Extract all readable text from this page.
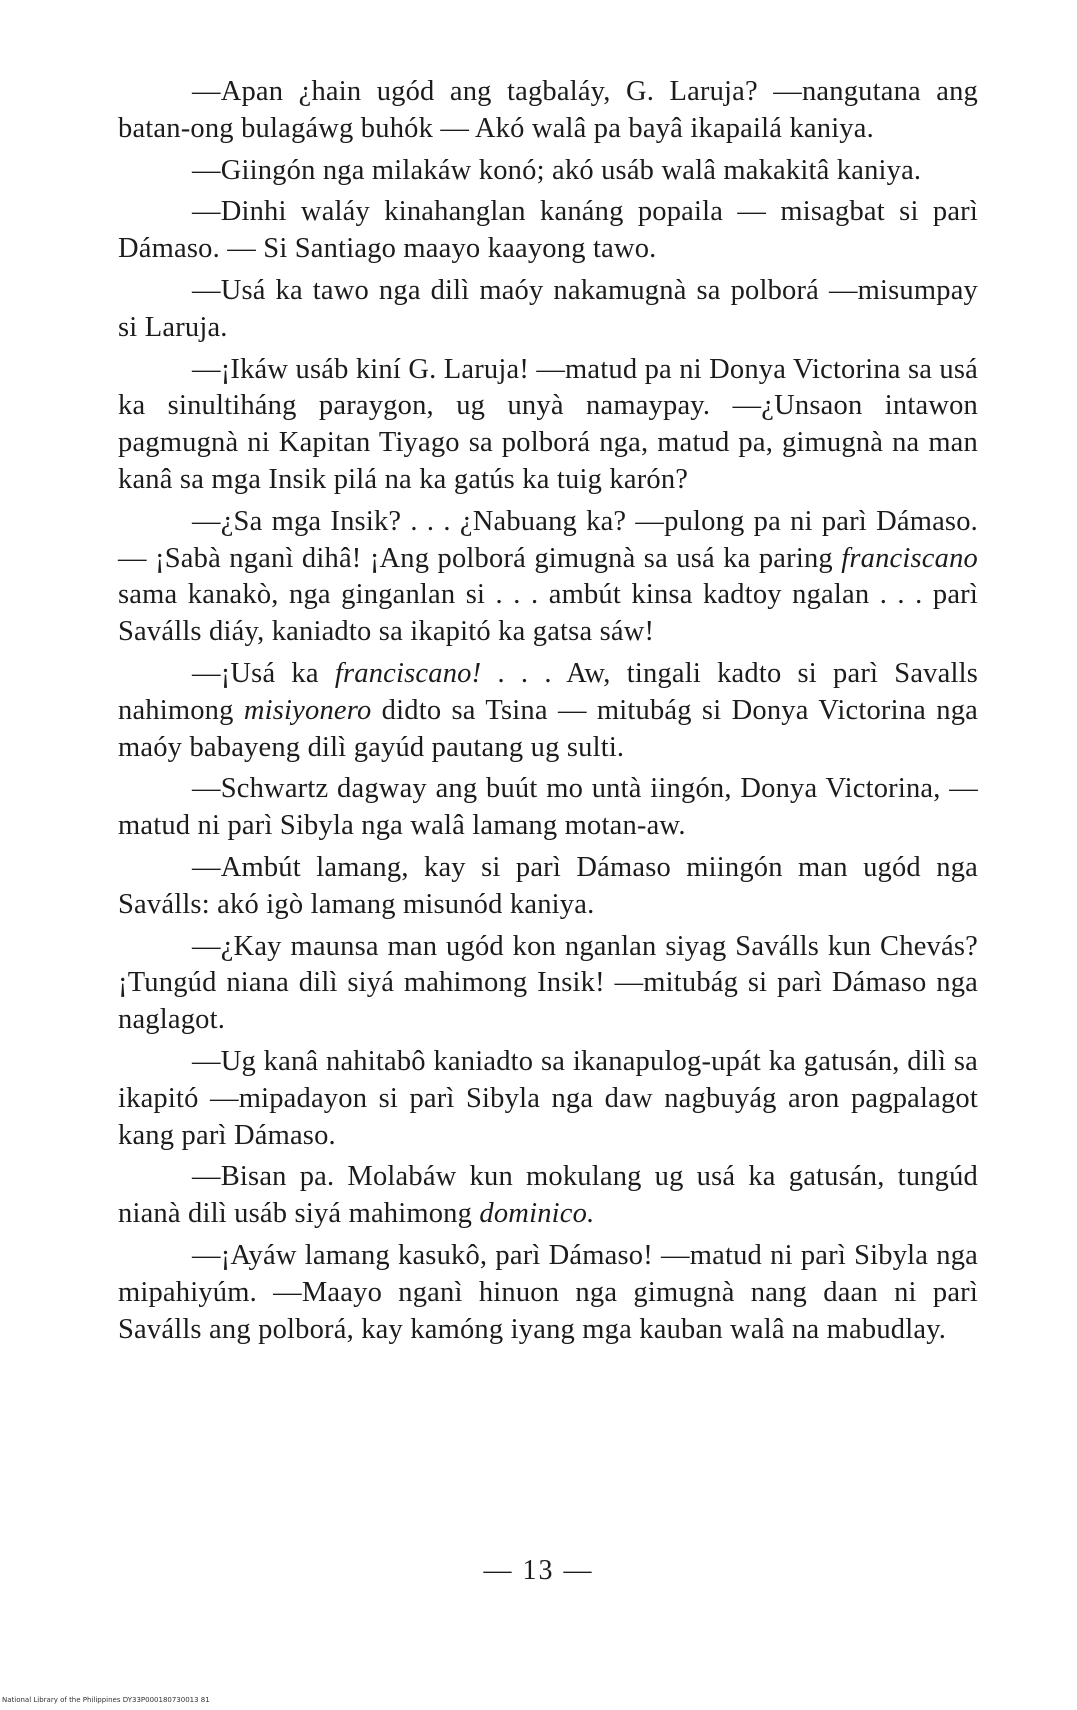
—Apan ¿hain ugód ang tagbaláy, G. Laruja? —nangutana ang batan-ong bulagáwg buhók — Akó walâ pa bayâ ikapailá kaniya.

—Giingón nga milakáw konó; akó usáb walâ makakitâ kaniya.

—Dinhi waláy kinahanglan kanáng popaila — misagbat si parì Dámaso. — Si Santiago maayo kaayong tawo.

—Usá ka tawo nga dilì maóy nakamugnà sa polborá —misumpay si Laruja.

—¡Ikáw usáb kiní G. Laruja! —matud pa ni Donya Victorina sa usá ka sinultiháng paraygon, ug unyà namaypay. —¿Unsaon intawon pagmugnà ni Kapitan Tiyago sa polborá nga, matud pa, gimugnà na man kanâ sa mga Insik pilá na ka gatús ka tuig karón?

—¿Sa mga Insik? . . . ¿Nabuang ka? —pulong pa ni parì Dámaso. — ¡Sabà nganì dihâ! ¡Ang polborá gimugnà sa usá ka paring franciscano sama kanakò, nga ginganlan si . . . ambút kinsa kadtoy ngalan . . . parì Saválls diáy, kaniadto sa ikapitó ka gatsa sáw!

—¡Usá ka franciscano! . . . Aw, tingali kadto si parì Savalls nahimong misiyonero didto sa Tsina — mitubág si Donya Victorina nga maóy babayeng dilì gayúd pautang ug sulti.

—Schwartz dagway ang buút mo untà iingón, Donya Victorina, —matud ni parì Sibyla nga walâ lamang motan-aw.

—Ambút lamang, kay si parì Dámaso miingón man ugód nga Saválls: akó igò lamang misunód kaniya.

—¿Kay maunsa man ugód kon nganlan siyag Saválls kun Chevás? ¡Tungúd niana dilì siyá mahimong Insik! —mitubág si parì Dámaso nga naglagot.

—Ug kanâ nahitabô kaniadto sa ikanapulog-upát ka gatusán, dilì sa ikapitó —mipadayon si parì Sibyla nga daw nagbuyág aron pagpalagot kang parì Dámaso.

—Bisan pa. Molabáw kun mokulang ug usá ka gatusán, tungúd nianà dilì usáb siyá mahimong dominico.

—¡Ayáw lamang kasukô, parì Dámaso! —matud ni parì Sibyla nga mipahiyúm. —Maayo nganì hinuon nga gimugnà nang daan ni parì Saválls ang polborá, kay kamóng iyang mga kauban walâ na mabudlay.

— 13 —
National Library of the Philippines DY33P000180730013 81
